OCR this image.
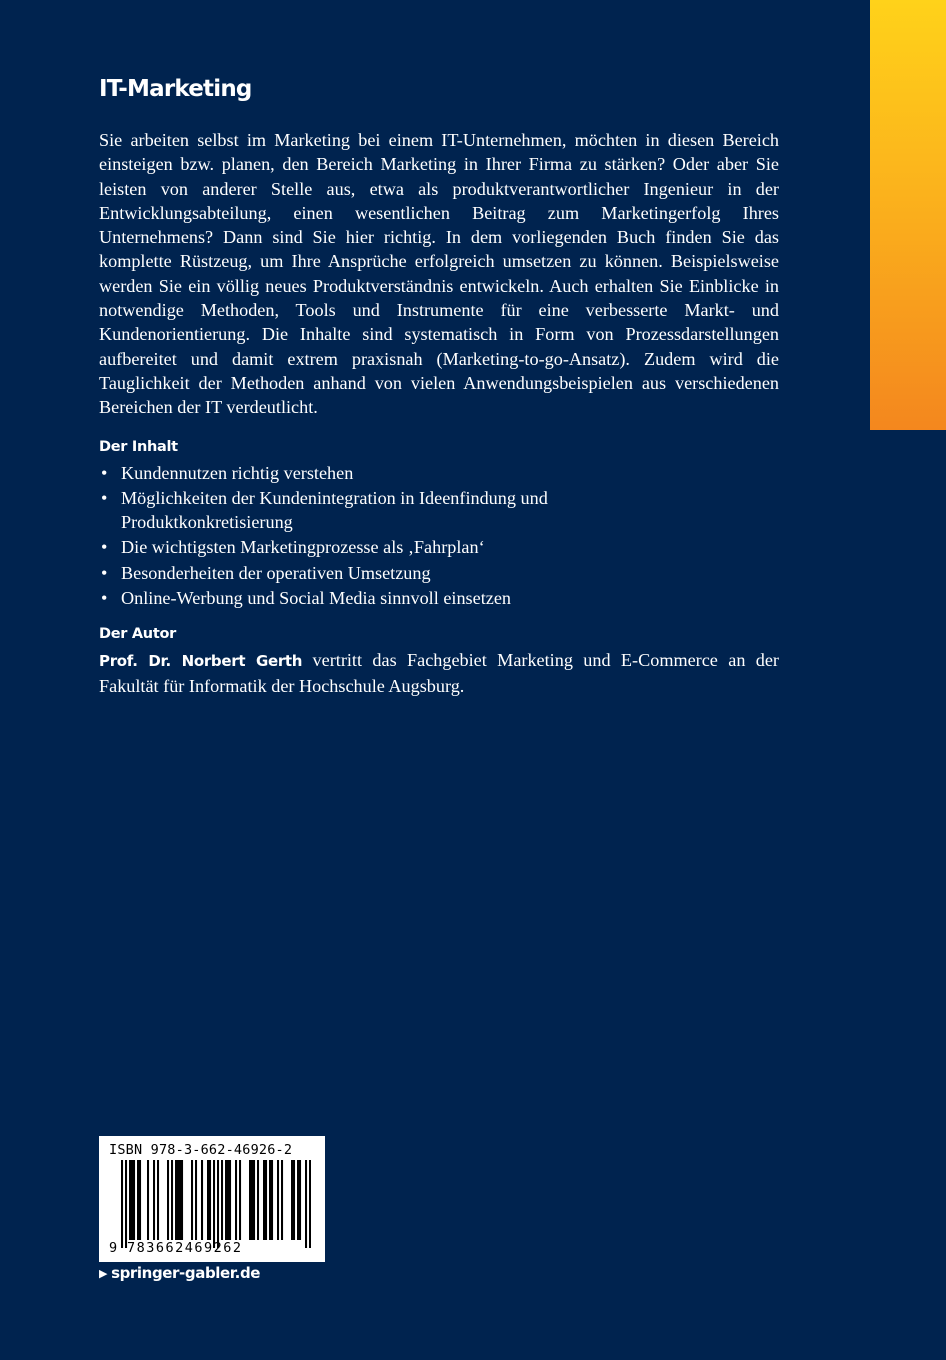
IT-Marketing

Sie arbeiten selbst im Marketing bei einem IT-Unternehmen, möchten in diesen Bereich einsteigen bzw. planen, den Bereich Marketing in Ihrer Firma zu stärken? Oder aber Sie leisten von anderer Stelle aus, etwa als produktverantwortlicher Ingenieur in der Entwicklungsabteilung, einen wesentlichen Beitrag zum Marketingerfolg Ihres Unternehmens? Dann sind Sie hier richtig. In dem vorliegenden Buch finden Sie das komplette Rüstzeug, um Ihre Ansprüche erfolgreich umsetzen zu können. Beispielsweise werden Sie ein völlig neues Produktverständnis entwickeln. Auch erhalten Sie Einblicke in notwendige Methoden, Tools und Instrumente für eine verbesserte Markt- und Kundenorientierung. Die Inhalte sind systematisch in Form von Prozessdarstellungen aufbereitet und damit extrem praxisnah (Marketing-to-go-Ansatz). Zudem wird die Tauglichkeit der Methoden anhand von vielen Anwendungsbeispielen aus verschiedenen Bereichen der IT verdeutlicht.

Der Inhalt
• Kundennutzen richtig verstehen
• Möglichkeiten der Kundenintegration in Ideenfindung und Produktkonkretisierung
• Die wichtigsten Marketingprozesse als ‚Fahrplan‘
• Besonderheiten der operativen Umsetzung
• Online-Werbung und Social Media sinnvoll einsetzen
Der Autor

Prof. Dr. Norbert Gerth vertritt das Fachgebiet Marketing und E-Commerce an der Fakultät für Informatik der Hochschule Augsburg.

ISBN 978-3-662-46926-2
9 783662469262
▶ springer-gabler.de
